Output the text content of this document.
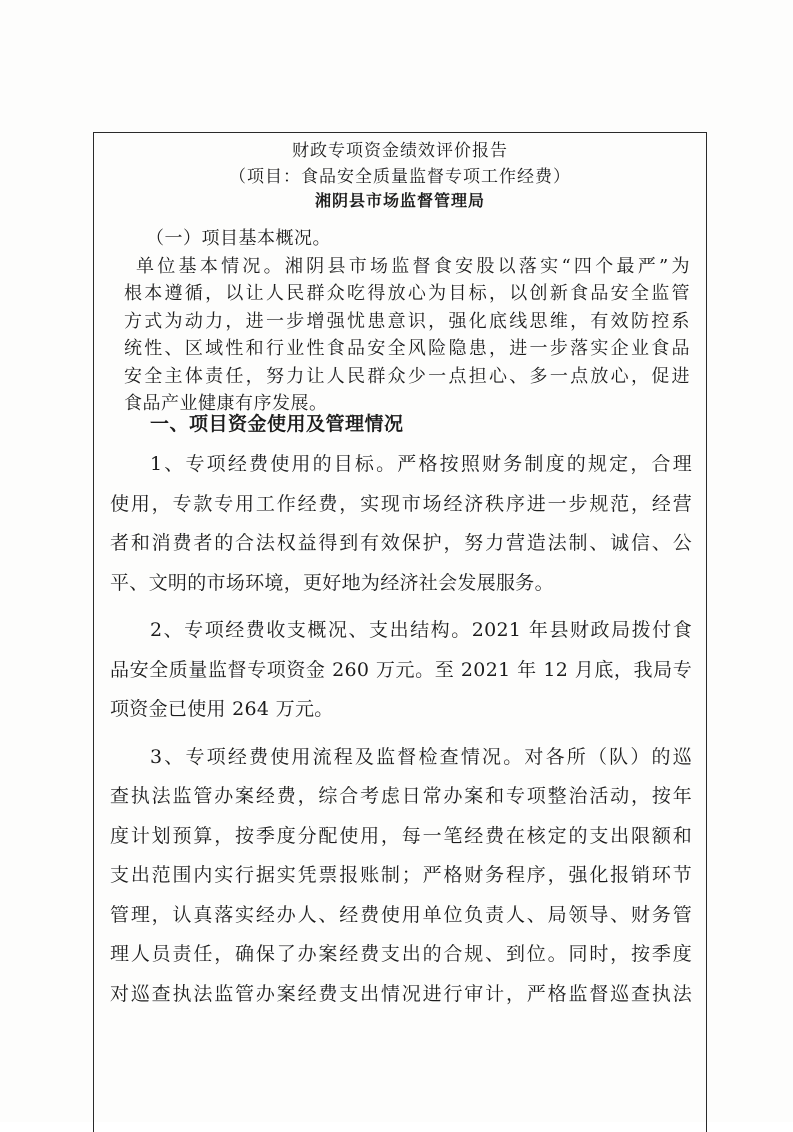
财政专项资金绩效评价报告
（项目：食品安全质量监督专项工作经费）
湘阴县市场监督管理局
（一）项目基本概况。
单位基本情况。湘阴县市场监督食安股以落实“四个最严”为
根本遵循，以让人民群众吃得放心为目标，以创新食品安全监管
方式为动力，进一步增强忧患意识，强化底线思维，有效防控系
统性、区域性和行业性食品安全风险隐患，进一步落实企业食品
安全主体责任，努力让人民群众少一点担心、多一点放心，促进
食品产业健康有序发展。
一、项目资金使用及管理情况
1、专项经费使用的目标。严格按照财务制度的规定，合理
使用，专款专用工作经费，实现市场经济秩序进一步规范，经营
者和消费者的合法权益得到有效保护，努力营造法制、诚信、公
平、文明的市场环境，更好地为经济社会发展服务。
2、专项经费收支概况、支出结构。2021 年县财政局拨付食
品安全质量监督专项资金 260 万元。至 2021 年 12 月底，我局专
项资金已使用 264 万元。
3、专项经费使用流程及监督检查情况。对各所（队）的巡
查执法监管办案经费，综合考虑日常办案和专项整治活动，按年
度计划预算，按季度分配使用，每一笔经费在核定的支出限额和
支出范围内实行据实凭票报账制；严格财务程序，强化报销环节
管理，认真落实经办人、经费使用单位负责人、局领导、财务管
理人员责任，确保了办案经费支出的合规、到位。同时，按季度
对巡查执法监管办案经费支出情况进行审计，严格监督巡查执法
